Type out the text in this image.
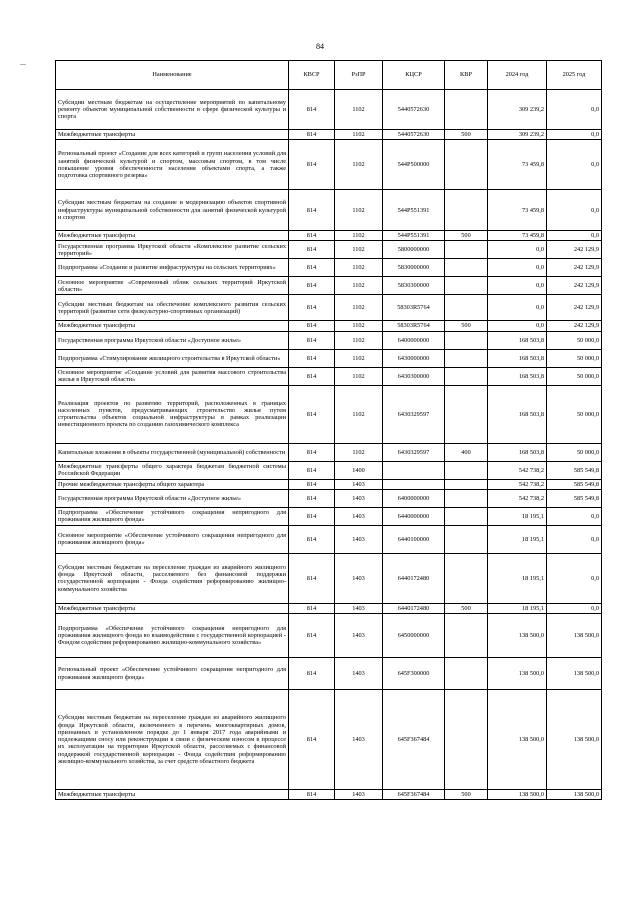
84
—
Наименование	КВСР	РзПР	КЦСР	КВР	2024 год	2025 год
Субсидии местным бюджетам на осуществление мероприятий по капитальному ремонту объектов муниципальной собственности в сфере физической культуры и спорта	814	1102	5440572630		309 239,2	0,0
Межбюджетные трансферты	814	1102	5440572630	500	309 239,2	0,0
Региональный проект «Создание для всех категорий и групп населения условий для занятий физической культурой и спортом, массовым спортом, в том числе повышение уровня обеспеченности населения объектами спорта, а также подготовка спортивного резерва»	814	1102	544P500000		73 459,8	0,0
Субсидии местным бюджетам на создание и модернизацию объектов спортивной инфраструктуры муниципальной собственности для занятий физической культурой и спортом	814	1102	544P551391		73 459,8	0,0
Межбюджетные трансферты	814	1102	544P551391	500	73 459,8	0,0
Государственная программа Иркутской области «Комплексное развитие сельских территорий»	814	1102	5800000000		0,0	242 129,9
Подпрограмма «Создание и развитие инфраструктуры на сельских территориях»	814	1102	5830000000		0,0	242 129,9
Основное мероприятие «Современный облик сельских территорий Иркутской области»	814	1102	5830300000		0,0	242 129,9
Субсидии местным бюджетам на обеспечение комплексного развития сельских территорий (развитие сети физкультурно-спортивных организаций)	814	1102	58303R5764		0,0	242 129,9
Межбюджетные трансферты	814	1102	58303R5764	500	0,0	242 129,9
Государственная программа Иркутской области «Доступное жилье»	814	1102	6400000000		168 503,8	50 000,0
Подпрограмма «Стимулирование жилищного строительства в Иркутской области»	814	1102	6430000000		168 503,8	50 000,0
Основное мероприятие «Создание условий для развития массового строительства жилья в Иркутской области»	814	1102	6430300000		168 503,8	50 000,0
Реализация проектов по развитию территорий, расположенных в границах населенных пунктов, предусматривающих строительство жилья путем строительства объектов социальной инфраструктуры в рамках реализации инвестиционного проекта по созданию газохимического комплекса	814	1102	6430329597		168 503,8	50 000,0
Капитальные вложения в объекты государственной (муниципальной) собственности	814	1102	6430329597	400	168 503,8	50 000,0
Межбюджетные трансферты общего характера бюджетам бюджетной системы Российской Федерации	814	1400			542 738,2	585 549,8
Прочие межбюджетные трансферты общего характера	814	1403			542 738,2	585 549,8
Государственная программа Иркутской области «Доступное жилье»	814	1403	6400000000		542 738,2	585 549,8
Подпрограмма «Обеспечение устойчивого сокращения непригодного для проживания жилищного фонда»	814	1403	6440000000		18 195,1	0,0
Основное мероприятие «Обеспечение устойчивого сокращения непригодного для проживания жилищного фонда»	814	1403	6440100000		18 195,1	0,0
Субсидии местным бюджетам на переселение граждан из аварийного жилищного фонда Иркутской области, расселяемого без финансовой поддержки государственной корпорации - Фонда содействия реформированию жилищно-коммунального хозяйства	814	1403	6440172480		18 195,1	0,0
Межбюджетные трансферты	814	1403	6440172480	500	18 195,1	0,0
Подпрограмма «Обеспечение устойчивого сокращения непригодного для проживания жилищного фонда во взаимодействии с государственной корпорацией - Фондом содействия реформированию жилищно-коммунального хозяйства»	814	1403	6450000000		138 500,0	138 500,0
Региональный проект «Обеспечение устойчивого сокращения непригодного для проживания жилищного фонда»	814	1403	645F300000		138 500,0	138 500,0
Субсидии местным бюджетам на переселение граждан из аварийного жилищного фонда Иркутской области, включенного в перечень многоквартирных домов, признанных в установленном порядке до 1 января 2017 года аварийными и подлежащими сносу или реконструкции в связи с физическим износом в процессе их эксплуатации на территории Иркутской области, расселяемых с финансовой поддержкой государственной корпорации - Фонда содействия реформированию жилищно-коммунального хозяйства, за счет средств областного бюджета	814	1403	645F367484		138 500,0	138 500,0
Межбюджетные трансферты	814	1403	645F367484	500	138 500,0	138 500,0
